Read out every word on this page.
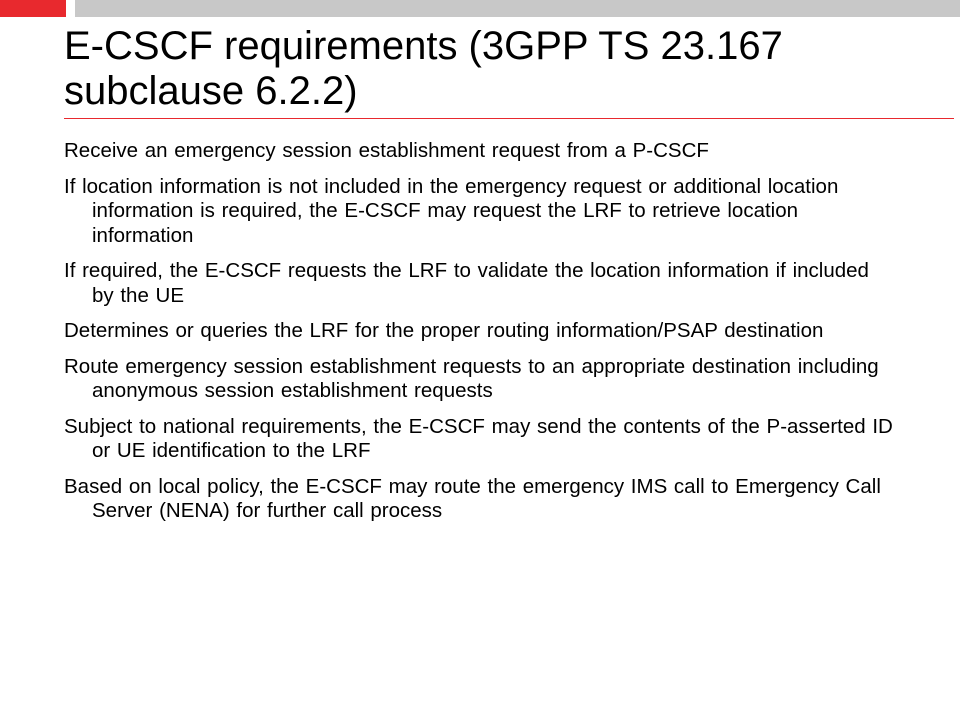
E-CSCF requirements (3GPP TS 23.167 subclause 6.2.2)
Receive an emergency session establishment request from a P-CSCF
If location information is not included in the emergency request or additional location information is required, the E-CSCF may request the LRF to retrieve location information
If required, the E-CSCF requests the LRF to validate the location information if included by the UE
Determines or queries the LRF for the proper routing information/PSAP destination
Route emergency session establishment requests to an appropriate destination including anonymous session establishment requests
Subject to national requirements, the E-CSCF may send the contents of the P-asserted ID or UE identification to the LRF
Based on local policy, the E-CSCF may route the emergency IMS call to Emergency Call Server (NENA) for further call process
